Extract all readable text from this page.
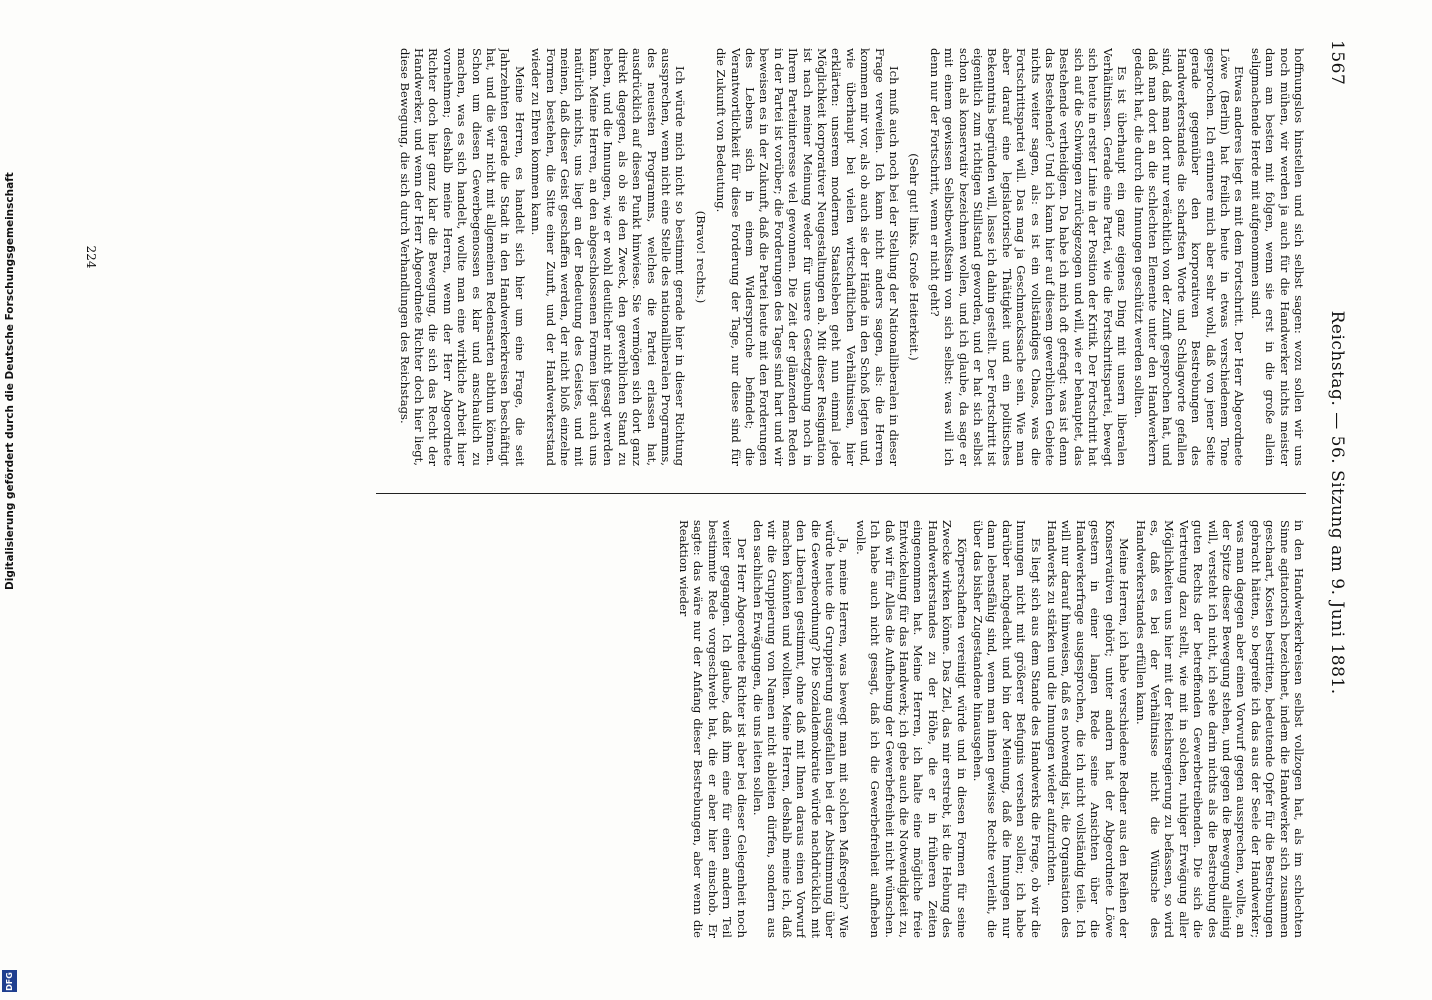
1567
Reichstag. — 56. Sitzung am 9. Juni 1881.

hoffnungslos hinstellen und sich selbst sagen: wozu sollen wir uns noch mühen, wir werden ja auch für die Handwerker nichts meister dann am besten mit folgen, wenn sie erst in die große allein seligmachende Herde mit aufgenommen sind.

Etwas anderes liegt es mit dem Fortschritt. Der Herr Abgeordnete Löwe (Berlin) hat freilich heute in etwas verschiedenem Tone gesprochen. Ich erinnere mich aber sehr wohl, daß von jener Seite gerade gegenüber den korporativen Bestrebungen des Handwerkerstandes die scharfsten Worte und Schlagworte gefallen sind, daß man dort nur verächtlich von der Zunft gesprochen hat, und daß man dort an die schlechten Elemente unter den Handwerkern gedacht hat, die durch die Innungen geschützt werden sollten.

Es ist überhaupt ein ganz eigenes Ding mit unsern liberalen Verhältnissen. Gerade eine Partei, wie die Fortschrittspartei, bewegt sich heute in erster Linie in der Position der Kritik. Der Fortschritt hat sich auf die Schwingen zurückgezogen und will, wie er behauptet, das Bestehende vertheidigen. Da habe ich mich oft gefragt: was ist denn das Bestehende? Und ich kann hier auf diesem gewerblichen Gebiete nichts weiter sagen, als: es ist ein vollständiges Chaos, was die Fortschrittspartei will. Das mag ja Geschmackssache sein. Wie man aber darauf eine legislatorische Thätigkeit und ein politisches Bekenntnis begründen will, lasse ich dahin gestellt. Der Fortschritt ist eigentlich zum richtigen Stillstand geworden, und er hat sich selbst schon als konservativ bezeichnen wollen, und ich glaube, da sage er mit einem gewissen Selbstbewußtsein von sich selbst: was will ich denn nur der Fortschritt, wenn er nicht geht?

(Sehr gut! links. Große Heiterkeit.)

Ich muß auch noch bei der Stellung der Nationalliberalen in dieser Frage verweilen. Ich kann nicht anders sagen, als: die Herren kommen mir vor, als ob auch sie der Hände in den Schoß legten und, wie überhaupt bei vielen wirtschaftlichen Verhältnissen, hier erklärten: unserem modernen Staatsleben geht nun einmal jede Möglichkeit korporativer Neugestaltungen ab. Mit dieser Resignation ist nach meiner Meinung weder für unsere Gesetzgebung noch in Ihrem Parteiinteresse viel gewonnen. Die Zeit der glänzenden Reden in der Partei ist vorüber; die Forderungen des Tages sind hart und wir beweisen es in der Zukunft, daß die Partei heute mit den Forderungen des Lebens sich in einem Widerspruche befindet; die Verantwortlichkeit für diese Forderung der Tage, nur diese sind für die Zukunft von Bedeutung.

(Bravo! rechts.)

Ich würde mich nicht so bestimmt gerade hier in dieser Richtung aussprechen, wenn nicht eine Stelle des nationalliberalen Programms, des neuesten Programms, welches die Partei erlassen hat, ausdrücklich auf diesen Punkt hinwiese. Sie vermögen sich dort ganz direkt dagegen, als ob sie den Zweck, den gewerblichen Stand zu heben, und die Innungen, wie er wohl deutlicher nicht gesagt werden kann. Meine Herren, an den abgeschlossenen Formen liegt auch uns natürlich nichts, uns liegt an der Bedeutung des Geistes, und mit meinen, daß dieser Geist geschaffen werden, der nicht bloß einzelne Formen bestehen, die Sitte einer Zunft, und der Handwerkerstand wieder zu Ehren kommen kann.

Meine Herren, es handelt sich hier um eine Frage, die seit Jahrzehnten gerade die Stadt in den Handwerkerkreisen beschäftigt hat, und die wir nicht mit allgemeinen Redensarten abthun können. Schon um diesen Gewerbegenossen es klar und anschaulich zu machen, was es sich handelt, wollte man eine wirkliche Arbeit hier vornehmen; deshalb meine Herren, wenn der Herr Abgeordnete Richter doch hier ganz klar die Bewegung, die sich das Recht der Handwerker, und wenn der Herr Abgeordnete Richter doch hier liegt, diese Bewegung, die sich durch Verhandlungen des Reichstags.

in den Handwerkerkreisen selbst vollzogen hat, als im schlechten Sinne agitatorisch bezeichnet, indem die Handwerker sich zusammen geschaart, Kosten bestritten, bedeutende Opfer für die Bestrebungen gebracht hätten, so begreife ich das aus der Seele der Handwerker; was man dagegen aber einen Vorwurf gegen aussprechen, wollte, an der Spitze dieser Bewegung stehen, und gegen die Bewegung alleinig will, versteht ich nicht, ich sehe darin nichts als die Bestrebung des guten Rechts der betreffenden Gewerbetreibenden. Die sich die Vertretung dazu stellt, wie mit in solchen, ruhiger Erwägung aller Möglichkeiten uns hier mit der Reichsregierung zu befassen, so wird es, daß es bei der Verhältnisse nicht die Wünsche des Handwerkerstandes erfüllen kann.

Meine Herren, ich habe verschiedene Redner aus den Reihen der Konservativen gehört; unter andern hat der Abgeordnete Löwe gestern in einer langen Rede seine Ansichten über die Handwerkerfrage ausgesprochen, die ich nicht vollständig teile. Ich will nur darauf hinweisen, daß es notwendig ist, die Organisation des Handwerks zu stärken und die Innungen wieder aufzurichten.

Es liegt sich aus dem Stande des Handwerks die Frage, ob wir die Innungen nicht mit größerer Befugnis versehen sollen; ich habe darüber nachgedacht und bin der Meinung, daß die Innungen nur dann lebensfähig sind, wenn man ihnen gewisse Rechte verleiht, die über das bisher Zugestandene hinausgehen.

Körperschaften vereinigt würde und in diesen Formen für seine Zwecke wirken könne. Das Ziel, das mir erstrebt, ist die Hebung des Handwerkerstandes zu der Höhe, die er in früheren Zeiten eingenommen hat. Meine Herren, ich halte eine mögliche freie Entwickelung für das Handwerk; ich gebe auch die Notwendigkeit zu, daß wir für Alles die Aufhebung der Gewerbefreiheit nicht wünschen. Ich habe auch nicht gesagt, daß ich die Gewerbefreiheit aufheben wolle.

Ja, meine Herren, was bewegt man mit solchen Maßregeln? Wie würde heute die Gruppierung ausgefallen bei der Abstimmung über die Gewerbeordnung? Die Sozialdemokratie würde nachdrücklich mit den Liberalen gestimmt, ohne daß mit Ihnen daraus einen Vorwurf machen könnten und wollten. Meine Herren, deshalb meine ich, daß wir die Gruppierung von Namen nicht ableiten dürfen, sondern aus den sachlichen Erwägungen, die uns leiten sollen.

Der Herr Abgeordnete Richter ist aber bei dieser Gelegenheit noch weiter gegangen. Ich glaube, daß ihm eine für einen andern Teil bestimmte Rede vorgeschwebt hat, die er aber hier einschob. Er sagte: das wäre nur der Anfang dieser Bestrebungen, aber wenn die Reaktion wieder

224
Digitalisierung gefördert durch die Deutsche Forschungsgemeinschaft
DFG
